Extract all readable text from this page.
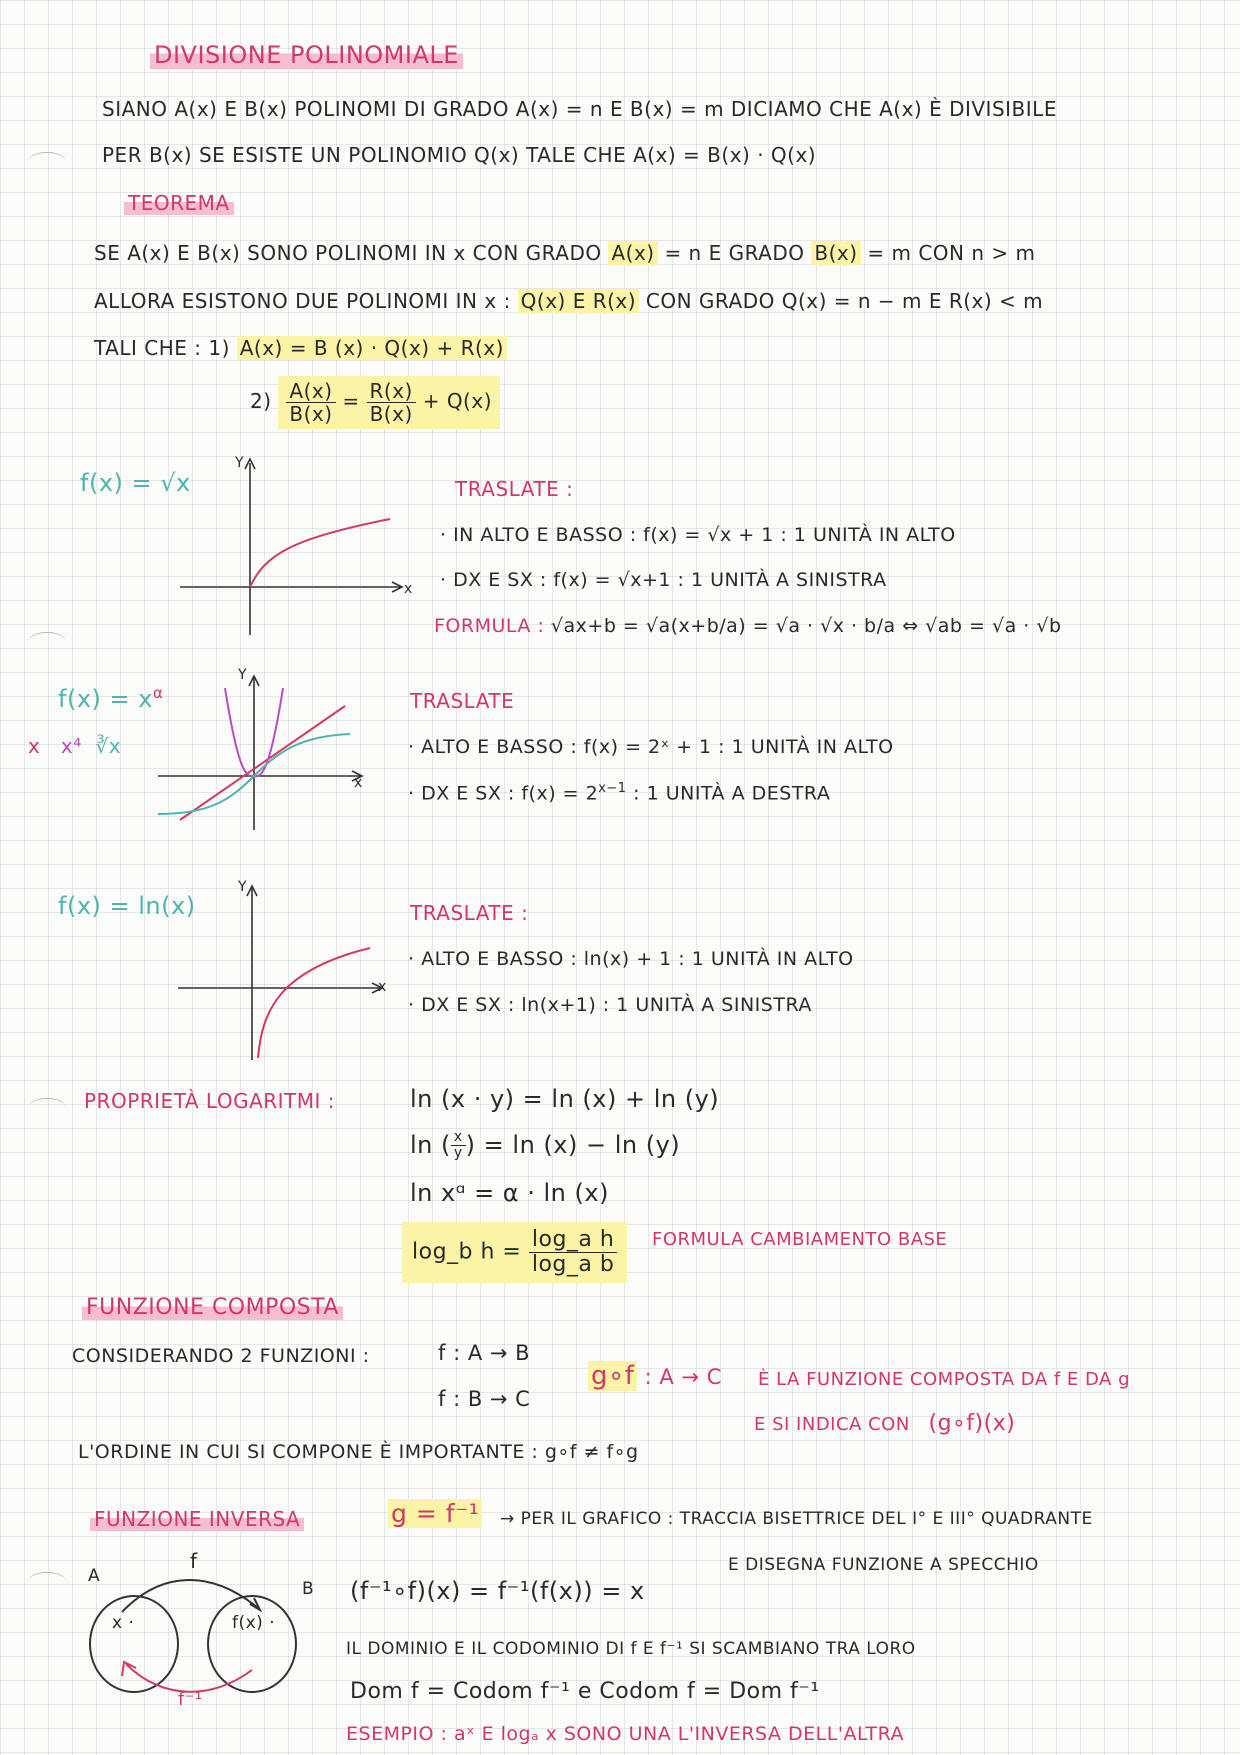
DIVISIONE POLINOMIALE
SIANO A(x) E B(x) POLINOMI DI GRADO A(x) = n E B(x) = m DICIAMO CHE A(x) È DIVISIBILE
PER B(x) SE ESISTE UN POLINOMIO Q(x) TALE CHE A(x) = B(x) · Q(x)
TEOREMA
SE A(x) E B(x) SONO POLINOMI IN x CON GRADO A(x) = n E GRADO B(x) = m CON n > m
ALLORA ESISTONO DUE POLINOMI IN x : Q(x) E R(x) CON GRADO Q(x) = n − m E R(x) < m
TALI CHE : 1) A(x) = B (x) · Q(x) + R(x)
$2) \frac{A(x)}{B(x)} = \frac{R(x)}{B(x)} + Q(x)$
f(x) = √x
Y
x
TRASLATE :
· IN ALTO E BASSO : f(x) = √x + 1 : 1 UNITÀ IN ALTO
· DX E SX : f(x) = √x+1 : 1 UNITÀ A SINISTRA
FORMULA : √ax+b = √a(x+b/a) = √a · √x · b/a ⇔ √ab = √a · √b
$f(x) = x^\alpha$
x x⁴ ∛x
Y
x
TRASLATE
· ALTO E BASSO : f(x) = 2ˣ + 1 : 1 UNITÀ IN ALTO
· DX E SX : $f(x) = 2^{x-1}$ : 1 UNITÀ A DESTRA
f(x) = ln(x)
Y
x
TRASLATE :
· ALTO E BASSO : ln(x) + 1 : 1 UNITÀ IN ALTO
· DX E SX : ln(x+1) : 1 UNITÀ A SINISTRA
PROPRIETÀ LOGARITMI :	ln (x · y) = ln (x) + ln (y)
ln ( $\frac{x}{y}$ ) = ln (x) − ln (y)
ln xᵅ = α · ln (x)
log_b $h = \frac{\text{log\_a h}}{\text{log\_a b}}$ FORMULA CAMBIAMENTO BASE
FUNZIONE COMPOSTA
CONSIDERANDO 2 FUNZIONI :	f : A → B
f : B → C
g∘f : A → C È LA FUNZIONE COMPOSTA DA f E DA g
E SI INDICA CON (g∘f)(x)
L'ORDINE IN CUI SI COMPONE È IMPORTANTE : g∘f ≠ f∘g
FUNZIONE INVERSA	g = f⁻¹ → PER IL GRAFICO : TRACCIA BISETTRICE DEL I° E III° QUADRANTE
E DISEGNA FUNZIONE A SPECCHIO
A
B
f
f⁻¹
x ·	f(x) ·
(f⁻¹∘f)(x) = f⁻¹(f(x)) = x
IL DOMINIO E IL CODOMINIO DI f E f⁻¹ SI SCAMBIANO TRA LORO
Dom f = Codom f⁻¹ e Codom f = Dom f⁻¹
ESEMPIO : aˣ E logₐ x SONO UNA L'INVERSA DELL'ALTRA
